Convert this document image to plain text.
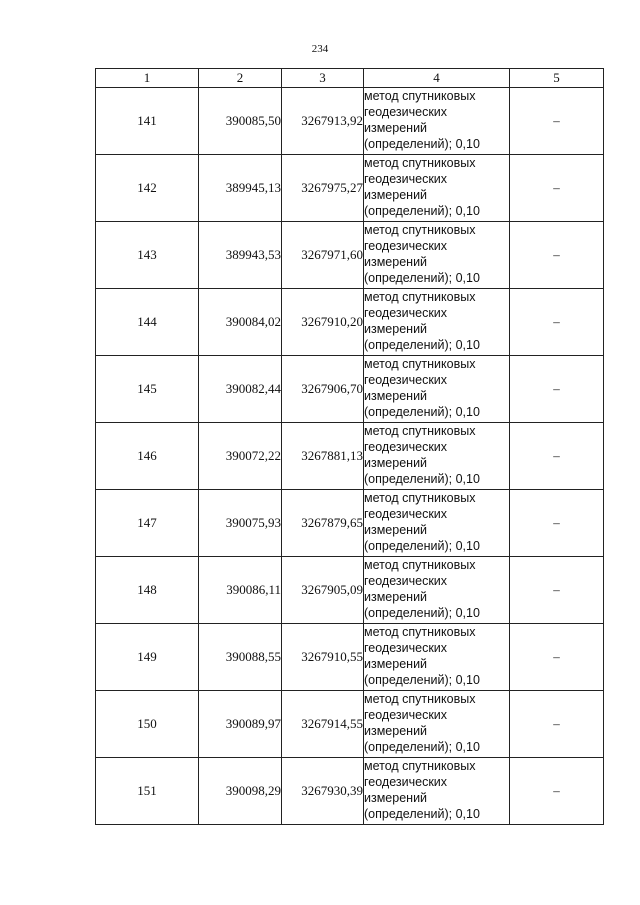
234
1	2	3	4	5
141	390085,50	3267913,92	метод спутниковых
геодезических
измерений
(определений); 0,10	–
142	389945,13	3267975,27	метод спутниковых
геодезических
измерений
(определений); 0,10	–
143	389943,53	3267971,60	метод спутниковых
геодезических
измерений
(определений); 0,10	–
144	390084,02	3267910,20	метод спутниковых
геодезических
измерений
(определений); 0,10	–
145	390082,44	3267906,70	метод спутниковых
геодезических
измерений
(определений); 0,10	–
146	390072,22	3267881,13	метод спутниковых
геодезических
измерений
(определений); 0,10	–
147	390075,93	3267879,65	метод спутниковых
геодезических
измерений
(определений); 0,10	–
148	390086,11	3267905,09	метод спутниковых
геодезических
измерений
(определений); 0,10	–
149	390088,55	3267910,55	метод спутниковых
геодезических
измерений
(определений); 0,10	–
150	390089,97	3267914,55	метод спутниковых
геодезических
измерений
(определений); 0,10	–
151	390098,29	3267930,39	метод спутниковых
геодезических
измерений
(определений); 0,10	–
